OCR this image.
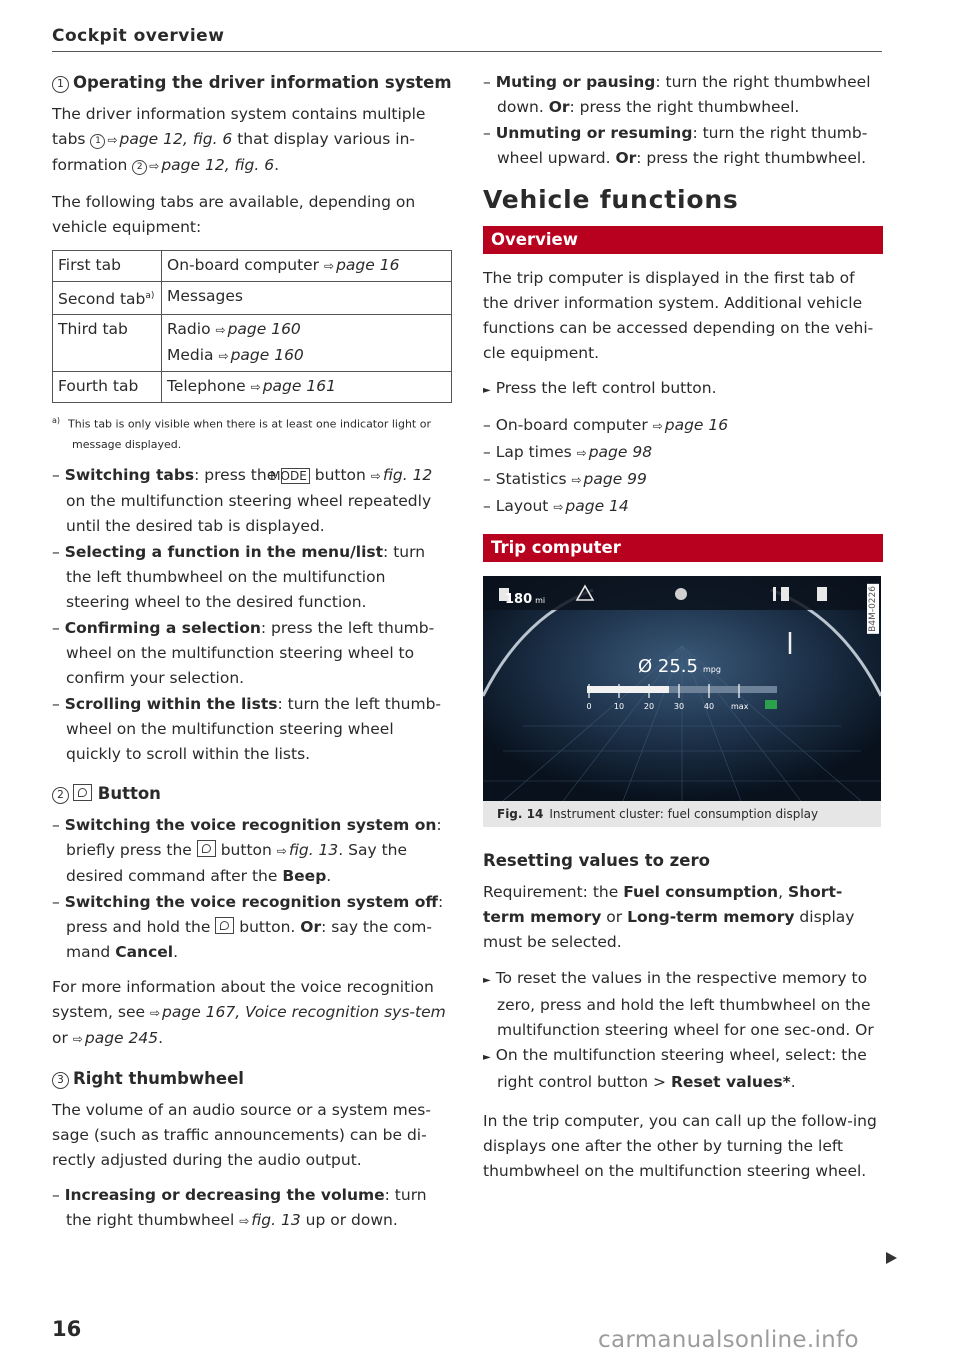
Cockpit overview
1 Operating the driver information system

The driver information system contains multiple tabs 1 ⇨ page 12, fig. 6 that display various in-formation 2 ⇨ page 12, fig. 6.

The following tabs are available, depending on vehicle equipment:

First tab	On-board computer ⇨ page 16
Second tab$^{a)}$	Messages
Third tab	Radio ⇨ page 160
Media ⇨ page 160

Fourth tab	Telephone ⇨ page 161
$^{a)}$ This tab is only visible when there is at least one indicator light or message displayed.
– Switching tabs: press the MODE button ⇨ fig. 12 on the multifunction steering wheel repeatedly until the desired tab is displayed.
– Selecting a function in the menu/list: turn the left thumbwheel on the multifunction steering wheel to the desired function.
– Confirming a selection: press the left thumb-wheel on the multifunction steering wheel to confirm your selection.
– Scrolling within the lists: turn the left thumb-wheel on the multifunction steering wheel quickly to scroll within the lists.
2 Button
– Switching the voice recognition system on: briefly press the button ⇨ fig. 13. Say the desired command after the Beep.
– Switching the voice recognition system off: press and hold the button. Or: say the com-mand Cancel.

For more information about the voice recognition system, see ⇨ page 167, Voice recognition sys-tem or ⇨ page 245.

3 Right thumbwheel

The volume of an audio source or a system mes-sage (such as traffic announcements) can be di-rectly adjusted during the audio output.

– Increasing or decreasing the volume: turn the right thumbwheel ⇨ fig. 13 up or down.
– Muting or pausing: turn the right thumbwheel down. Or: press the right thumbwheel.
– Unmuting or resuming: turn the right thumb-wheel upward. Or: press the right thumbwheel.
Vehicle functions
Overview

The trip computer is displayed in the first tab of the driver information system. Additional vehicle functions can be accessed depending on the vehi-cle equipment.

► Press the left control button.
– On-board computer ⇨ page 16
– Lap times ⇨ page 98
– Statistics ⇨ page 99
– Layout ⇨ page 14
Trip computer
180 mi
Ø 25.5 mpg
0	10	20	30	40	max
B4M-0226
Fig. 14 Instrument cluster: fuel consumption display
Resetting values to zero

Requirement: the Fuel consumption, Short-term memory or Long-term memory display must be selected.

► To reset the values in the respective memory to zero, press and hold the left thumbwheel on the multifunction steering wheel for one sec-ond. Or
► On the multifunction steering wheel, select: the right control button > Reset values*.

In the trip computer, you can call up the follow-ing displays one after the other by turning the left thumbwheel on the multifunction steering wheel.

16	carmanualsonline.info
